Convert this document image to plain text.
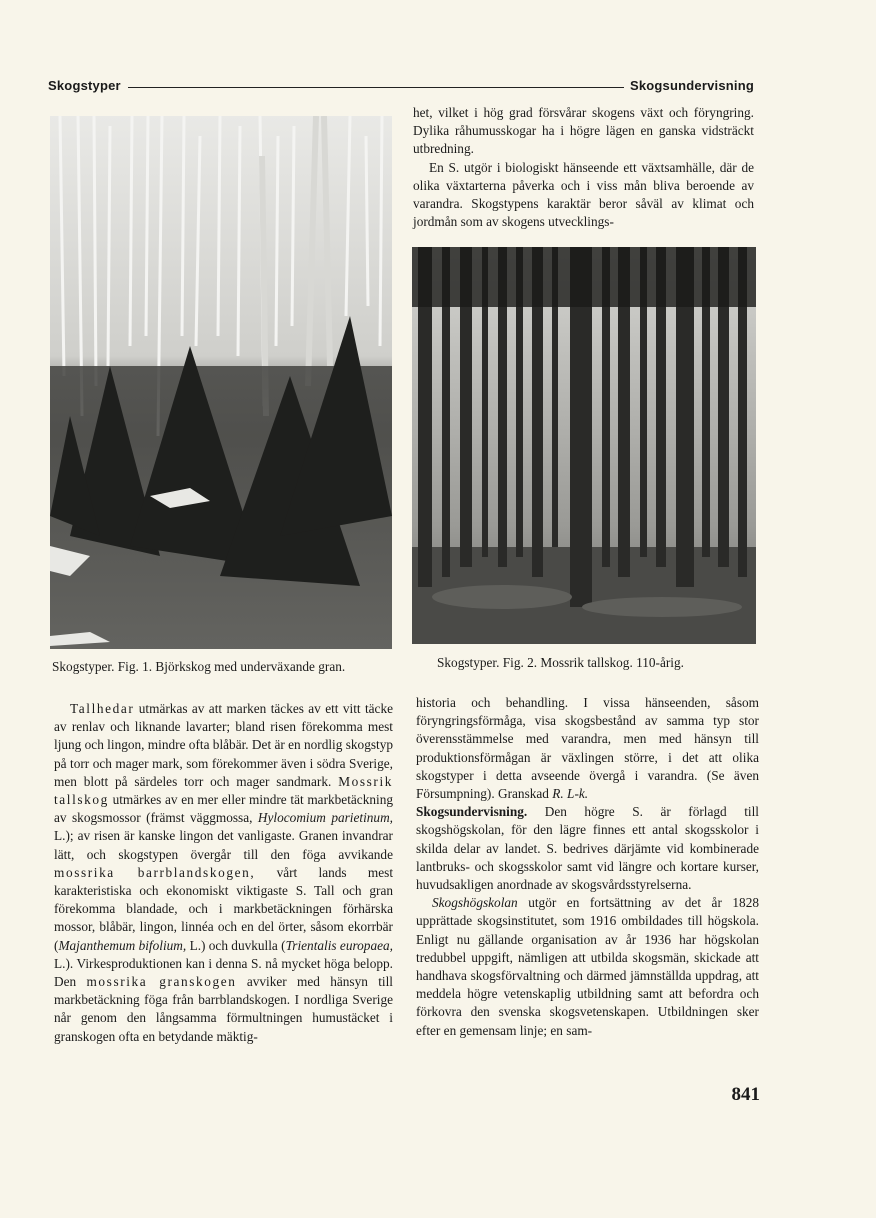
Skogstyper	Skogsundervisning

het, vilket i hög grad försvårar skogens växt och föryngring. Dylika råhumusskogar ha i högre lägen en ganska vidsträckt utbredning.

En S. utgör i biologiskt hänseende ett växtsamhälle, där de olika växtarterna påverka och i viss mån bliva beroende av varandra. Skogstypens karaktär beror såväl av klimat och jordmån som av skogens utvecklings-

Skogstyper. Fig. 1. Björkskog med underväxande gran.	Skogstyper. Fig. 2. Mossrik tallskog. 110-årig.

Tallhedar utmärkas av att marken täckes av ett vitt täcke av renlav och liknande lavarter; bland risen förekomma mest ljung och lingon, mindre ofta blåbär. Det är en nordlig skogstyp på torr och mager mark, som förekommer även i södra Sverige, men blott på särdeles torr och mager sandmark. Mossrik tallskog utmärkes av en mer eller mindre tät markbetäckning av skogsmossor (främst väggmossa, Hylocomium parietinum, L.); av risen är kanske lingon det vanligaste. Granen invandrar lätt, och skogstypen övergår till den föga avvikande mossrika barrblandskogen, vårt lands mest karakteristiska och ekonomiskt viktigaste S. Tall och gran förekomma blandade, och i markbetäckningen förhärska mossor, blåbär, lingon, linnéa och en del örter, såsom ekorrbär (Majanthemum bifolium, L.) och duvkulla (Trientalis europaea, L.). Virkesproduktionen kan i denna S. nå mycket höga belopp. Den mossrika granskogen avviker med hänsyn till markbetäckning föga från barrblandskogen. I nordliga Sverige når genom den långsamma förmultningen humustäcket i granskogen ofta en betydande mäktig-

historia och behandling. I vissa hänseenden, såsom föryngringsförmåga, visa skogsbestånd av samma typ stor överensstämmelse med varandra, men med hänsyn till produktionsförmågan är växlingen större, i det att olika skogstyper i detta avseende övergå i varandra. (Se även Försumpning). Granskad R. L-k.

Skogsundervisning. Den högre S. är förlagd till skogshögskolan, för den lägre finnes ett antal skogsskolor i skilda delar av landet. S. bedrives därjämte vid kombinerade lantbruks- och skogsskolor samt vid längre och kortare kurser, huvudsakligen anordnade av skogsvårdsstyrelserna.

Skogshögskolan utgör en fortsättning av det år 1828 upprättade skogsinstitutet, som 1916 ombildades till högskola. Enligt nu gällande organisation av år 1936 har högskolan tredubbel uppgift, nämligen att utbilda skogsmän, skickade att handhava skogsförvaltning och därmed jämnställda uppdrag, att meddela högre vetenskaplig utbildning samt att befordra och förkovra den svenska skogsvetenskapen. Utbildningen sker efter en gemensam linje; en sam-

841
